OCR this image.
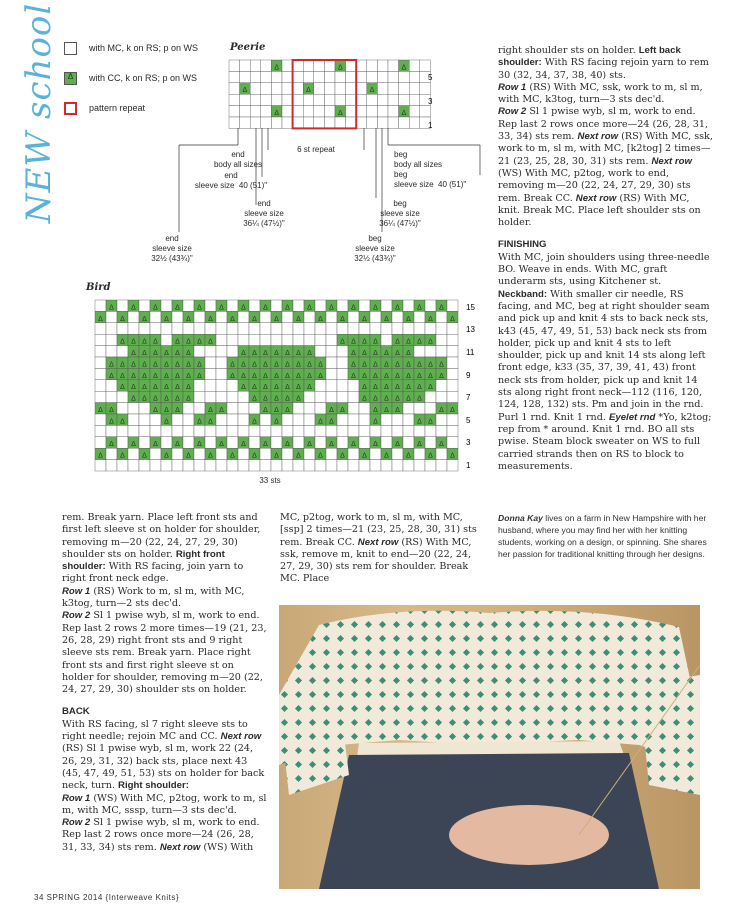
NEW school	with MC, k on RS; p on WS
Δ
with CC, k on RS; p on WS
pattern repeat
Peerie
Δ	Δ	Δ
Δ	Δ	Δ
Δ	Δ	Δ
5
3
1
6 st repeat
end
body all sizes
end
sleeve size  40 (51)"
end
sleeve size
36¼ (47½)"
end
sleeve size
32½ (43¾)"
beg
body all sizes
beg
sleeve size  40 (51)"
beg
sleeve size
36¼ (47½)"
beg
sleeve size
32½ (43¾)"
Bird
Δ Δ Δ Δ Δ Δ Δ Δ Δ Δ Δ Δ Δ Δ Δ Δ
Δ Δ Δ Δ Δ Δ Δ Δ Δ Δ Δ Δ Δ Δ Δ Δ Δ
Δ Δ Δ Δ Δ Δ Δ Δ	Δ Δ Δ Δ Δ Δ Δ Δ
Δ Δ Δ Δ Δ Δ	Δ Δ Δ Δ Δ Δ Δ	Δ Δ Δ Δ Δ Δ
Δ Δ Δ Δ Δ Δ Δ Δ Δ	Δ Δ Δ Δ Δ Δ Δ Δ Δ	Δ Δ Δ Δ Δ Δ Δ Δ Δ
Δ Δ Δ Δ Δ Δ Δ Δ Δ	Δ Δ Δ Δ Δ Δ Δ Δ Δ	Δ Δ Δ Δ Δ Δ Δ Δ Δ
Δ Δ Δ Δ Δ Δ Δ	Δ Δ Δ Δ Δ Δ Δ	Δ Δ Δ Δ Δ Δ Δ
Δ Δ Δ Δ Δ Δ	Δ Δ Δ Δ Δ	Δ Δ Δ Δ Δ Δ
Δ Δ	Δ Δ Δ	Δ Δ	Δ Δ Δ	Δ Δ	Δ Δ Δ	Δ Δ
Δ Δ	Δ	Δ Δ	Δ Δ	Δ Δ	Δ	Δ Δ
Δ Δ Δ Δ Δ Δ Δ Δ Δ Δ Δ Δ Δ Δ Δ Δ
Δ Δ Δ Δ Δ Δ Δ Δ Δ Δ Δ Δ Δ Δ Δ Δ Δ
15
13
11
9
7
5
3
1
33 sts

right shoulder sts on holder. Left back shoulder: With RS facing rejoin yarn to rem 30 (32, 34, 37, 38, 40) sts.

Row 1 (RS) With MC, ssk, work to m, sl m, with MC, k3tog, turn—3 sts dec'd.

Row 2 Sl 1 pwise wyb, sl m, work to end. Rep last 2 rows once more—24 (26, 28, 31, 33, 34) sts rem. Next row (RS) With MC, ssk, work to m, sl m, with MC, [k2tog] 2 times—21 (23, 25, 28, 30, 31) sts rem. Next row (WS) With MC, p2tog, work to end, removing m—20 (22, 24, 27, 29, 30) sts rem. Break CC. Next row (RS) With MC, knit. Break MC. Place left shoulder sts on holder.

FINISHING

With MC, join shoulders using three-needle BO. Weave in ends. With MC, graft underarm sts, using Kitchener st. Neckband: With smaller cir needle, RS facing, and MC, beg at right shoulder seam and pick up and knit 4 sts to back neck sts, k43 (45, 47, 49, 51, 53) back neck sts from holder, pick up and knit 4 sts to left shoulder, pick up and knit 14 sts along left front edge, k33 (35, 37, 39, 41, 43) front neck sts from holder, pick up and knit 14 sts along right front neck—112 (116, 120, 124, 128, 132) sts. Pm and join in the rnd. Purl 1 rnd. Knit 1 rnd. Eyelet rnd *Yo, k2tog; rep from * around. Knit 1 rnd. BO all sts pwise. Steam block sweater on WS to full carried strands then on RS to block to measurements.

Donna Kay lives on a farm in New Hampshire with her husband, where you may find her with her knitting students, working on a design, or spinning. She shares her passion for traditional knitting through her designs.

rem. Break yarn. Place left front sts and first left sleeve st on holder for shoulder, removing m—20 (22, 24, 27, 29, 30) shoulder sts on holder. Right front shoulder: With RS facing, join yarn to right front neck edge.

Row 1 (RS) Work to m, sl m, with MC, k3tog, turn—2 sts dec'd.

Row 2 Sl 1 pwise wyb, sl m, work to end. Rep last 2 rows 2 more times—19 (21, 23, 26, 28, 29) right front sts and 9 right sleeve sts rem. Break yarn. Place right front sts and first right sleeve st on holder for shoulder, removing m—20 (22, 24, 27, 29, 30) shoulder sts on holder.

BACK

With RS facing, sl 7 right sleeve sts to right needle; rejoin MC and CC. Next row (RS) Sl 1 pwise wyb, sl m, work 22 (24, 26, 29, 31, 32) back sts, place next 43 (45, 47, 49, 51, 53) sts on holder for back neck, turn. Right shoulder:

Row 1 (WS) With MC, p2tog, work to m, sl m, with MC, sssp, turn—3 sts dec'd.

Row 2 Sl 1 pwise wyb, sl m, work to end. Rep last 2 rows once more—24 (26, 28, 31, 33, 34) sts rem. Next row (WS) With

MC, p2tog, work to m, sl m, with MC, [ssp] 2 times—21 (23, 25, 28, 30, 31) sts rem. Break CC. Next row (RS) With MC, ssk, remove m, knit to end—20 (22, 24, 27, 29, 30) sts rem for shoulder. Break MC. Place

34 SPRING 2014 {Interweave Knits}
